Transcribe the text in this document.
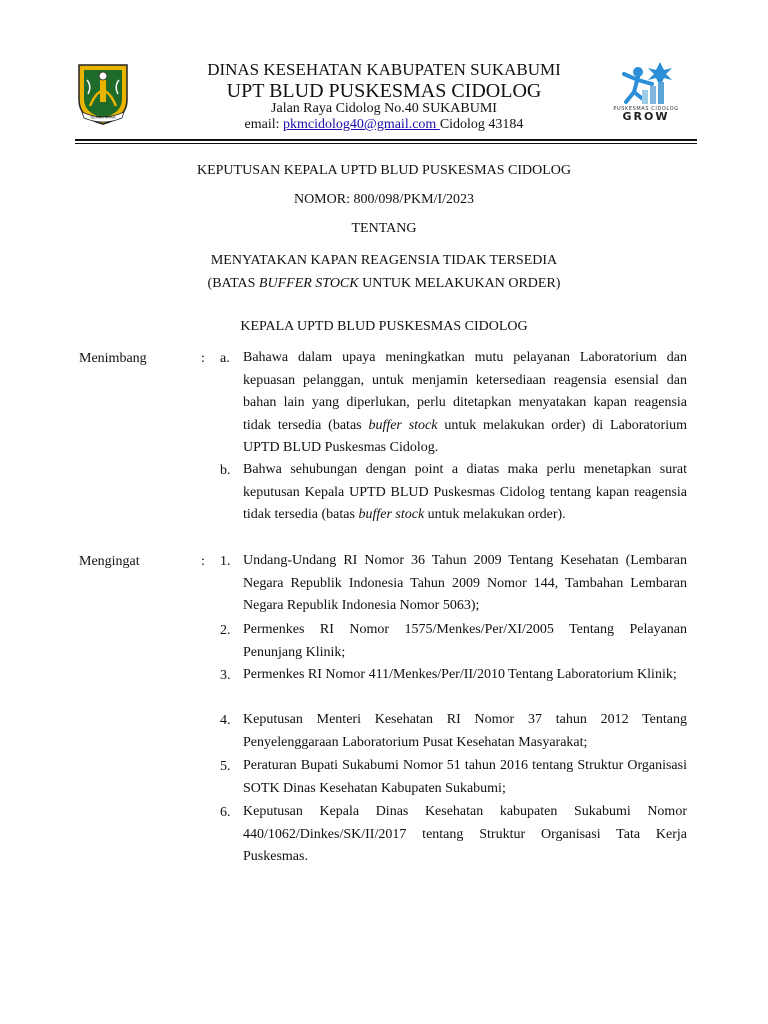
GEMAH RIPAH
DINAS KESEHATAN KABUPATEN SUKABUMI
UPT BLUD PUSKESMAS CIDOLOG
Jalan Raya Cidolog No.40 SUKABUMI
email: pkmcidolog40@gmail.com Cidolog 43184
PUSKESMAS CIDOLOG
GROW
KEPUTUSAN KEPALA UPTD BLUD PUSKESMAS CIDOLOG
NOMOR: 800/098/PKM/I/2023
TENTANG
MENYATAKAN KAPAN REAGENSIA TIDAK TERSEDIA
(BATAS BUFFER STOCK UNTUK MELAKUKAN ORDER)
KEPALA UPTD BLUD PUSKESMAS CIDOLOG
Menimbang	: a. Bahawa dalam upaya meningkatkan mutu pelayanan Laboratorium dan kepuasan pelanggan, untuk menjamin ketersediaan reagensia esensial dan bahan lain yang diperlukan, perlu ditetapkan menyatakan kapan reagensia tidak tersedia (batas buffer stock untuk melakukan order) di Laboratorium UPTD BLUD Puskesmas Cidolog.
b. Bahwa sehubungan dengan point a diatas maka perlu menetapkan surat keputusan Kepala UPTD BLUD Puskesmas Cidolog tentang kapan reagensia tidak tersedia (batas buffer stock untuk melakukan order).
Mengingat	: 1. Undang-Undang RI Nomor 36 Tahun 2009 Tentang Kesehatan (Lembaran Negara Republik Indonesia Tahun 2009 Nomor 144, Tambahan Lembaran Negara Republik Indonesia Nomor 5063);
2. Permenkes RI Nomor 1575/Menkes/Per/XI/2005 Tentang Pelayanan Penunjang Klinik;
3. Permenkes RI Nomor 411/Menkes/Per/II/2010 Tentang Laboratorium Klinik;
4. Keputusan Menteri Kesehatan RI Nomor 37 tahun 2012 Tentang Penyelenggaraan Laboratorium Pusat Kesehatan Masyarakat;
5. Peraturan Bupati Sukabumi Nomor 51 tahun 2016 tentang Struktur Organisasi SOTK Dinas Kesehatan Kabupaten Sukabumi;
6. Keputusan Kepala Dinas Kesehatan kabupaten Sukabumi Nomor 440/1062/Dinkes/SK/II/2017 tentang Struktur Organisasi Tata Kerja Puskesmas.
